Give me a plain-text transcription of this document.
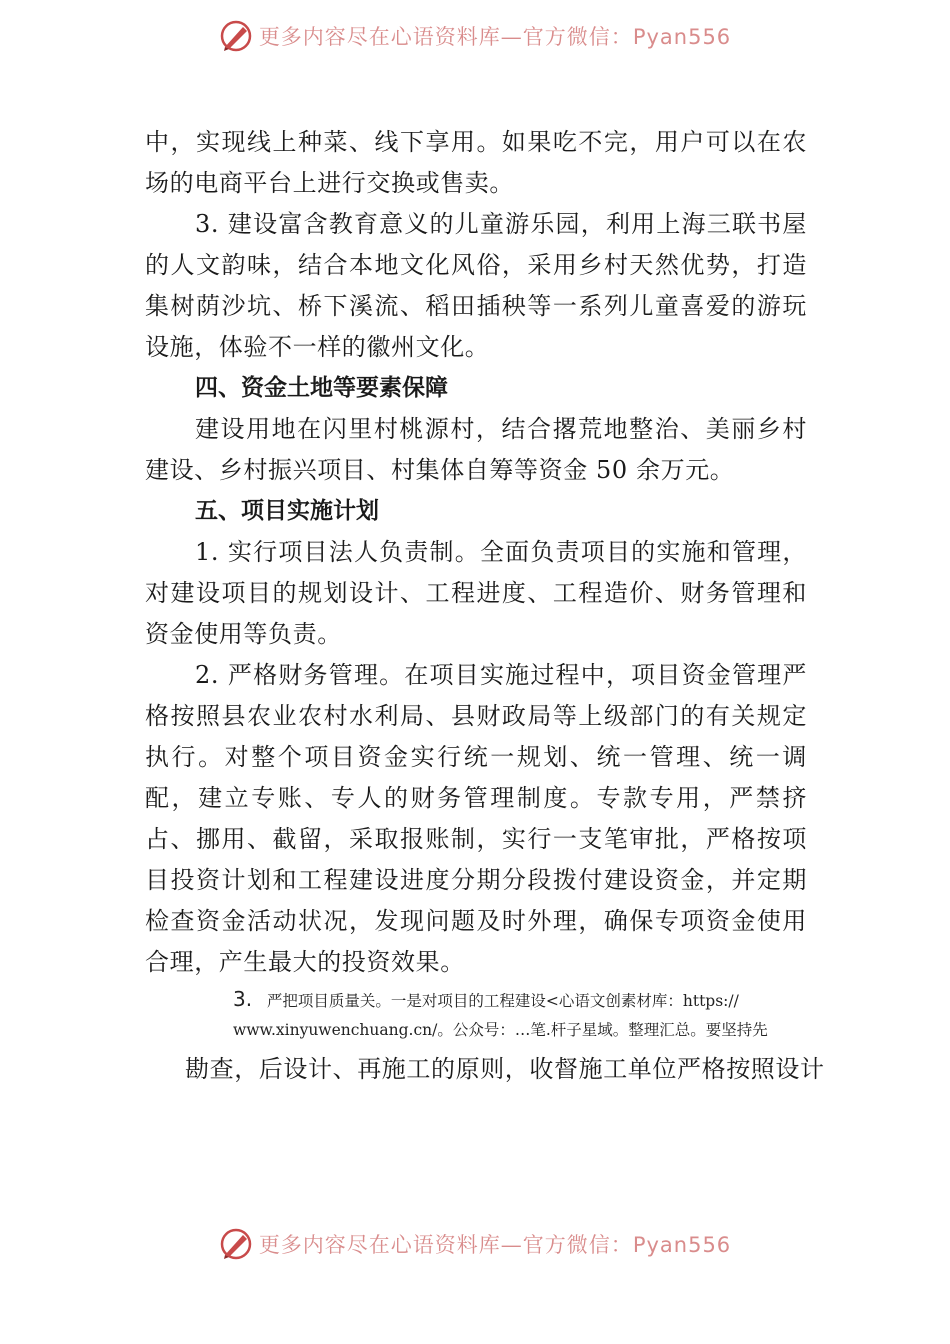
更多内容尽在心语资料库—官方微信：Pyan556

中，实现线上种菜、线下享用。如果吃不完，用户可以在农场的电商平台上进行交换或售卖。

3. 建设富含教育意义的儿童游乐园，利用上海三联书屋的人文韵味，结合本地文化风俗，采用乡村天然优势，打造集树荫沙坑、桥下溪流、稻田插秧等一系列儿童喜爱的游玩设施，体验不一样的徽州文化。

四、资金土地等要素保障

建设用地在闪里村桃源村，结合撂荒地整治、美丽乡村建设、乡村振兴项目、村集体自筹等资金 50 余万元。

五、项目实施计划

1. 实行项目法人负责制。全面负责项目的实施和管理，对建设项目的规划设计、工程进度、工程造价、财务管理和资金使用等负责。

2. 严格财务管理。在项目实施过程中，项目资金管理严格按照县农业农村水利局、县财政局等上级部门的有关规定执行。对整个项目资金实行统一规划、统一管理、统一调配，建立专账、专人的财务管理制度。专款专用，严禁挤占、挪用、截留，采取报账制，实行一支笔审批，严格按项目投资计划和工程建设进度分期分段拨付建设资金，并定期检查资金活动状况，发现问题及时外理，确保专项资金使用合理，产生最大的投资效果。

3. 严把项目质量关。一是对项目的工程建设<心语文创素材库：https://
www.xinyuwenchuang.cn/。公众号：…笔.杆子星域。整理汇总。要坚持先

勘查，后设计、再施工的原则，收督施工单位严格按照设计

更多内容尽在心语资料库—官方微信：Pyan556
